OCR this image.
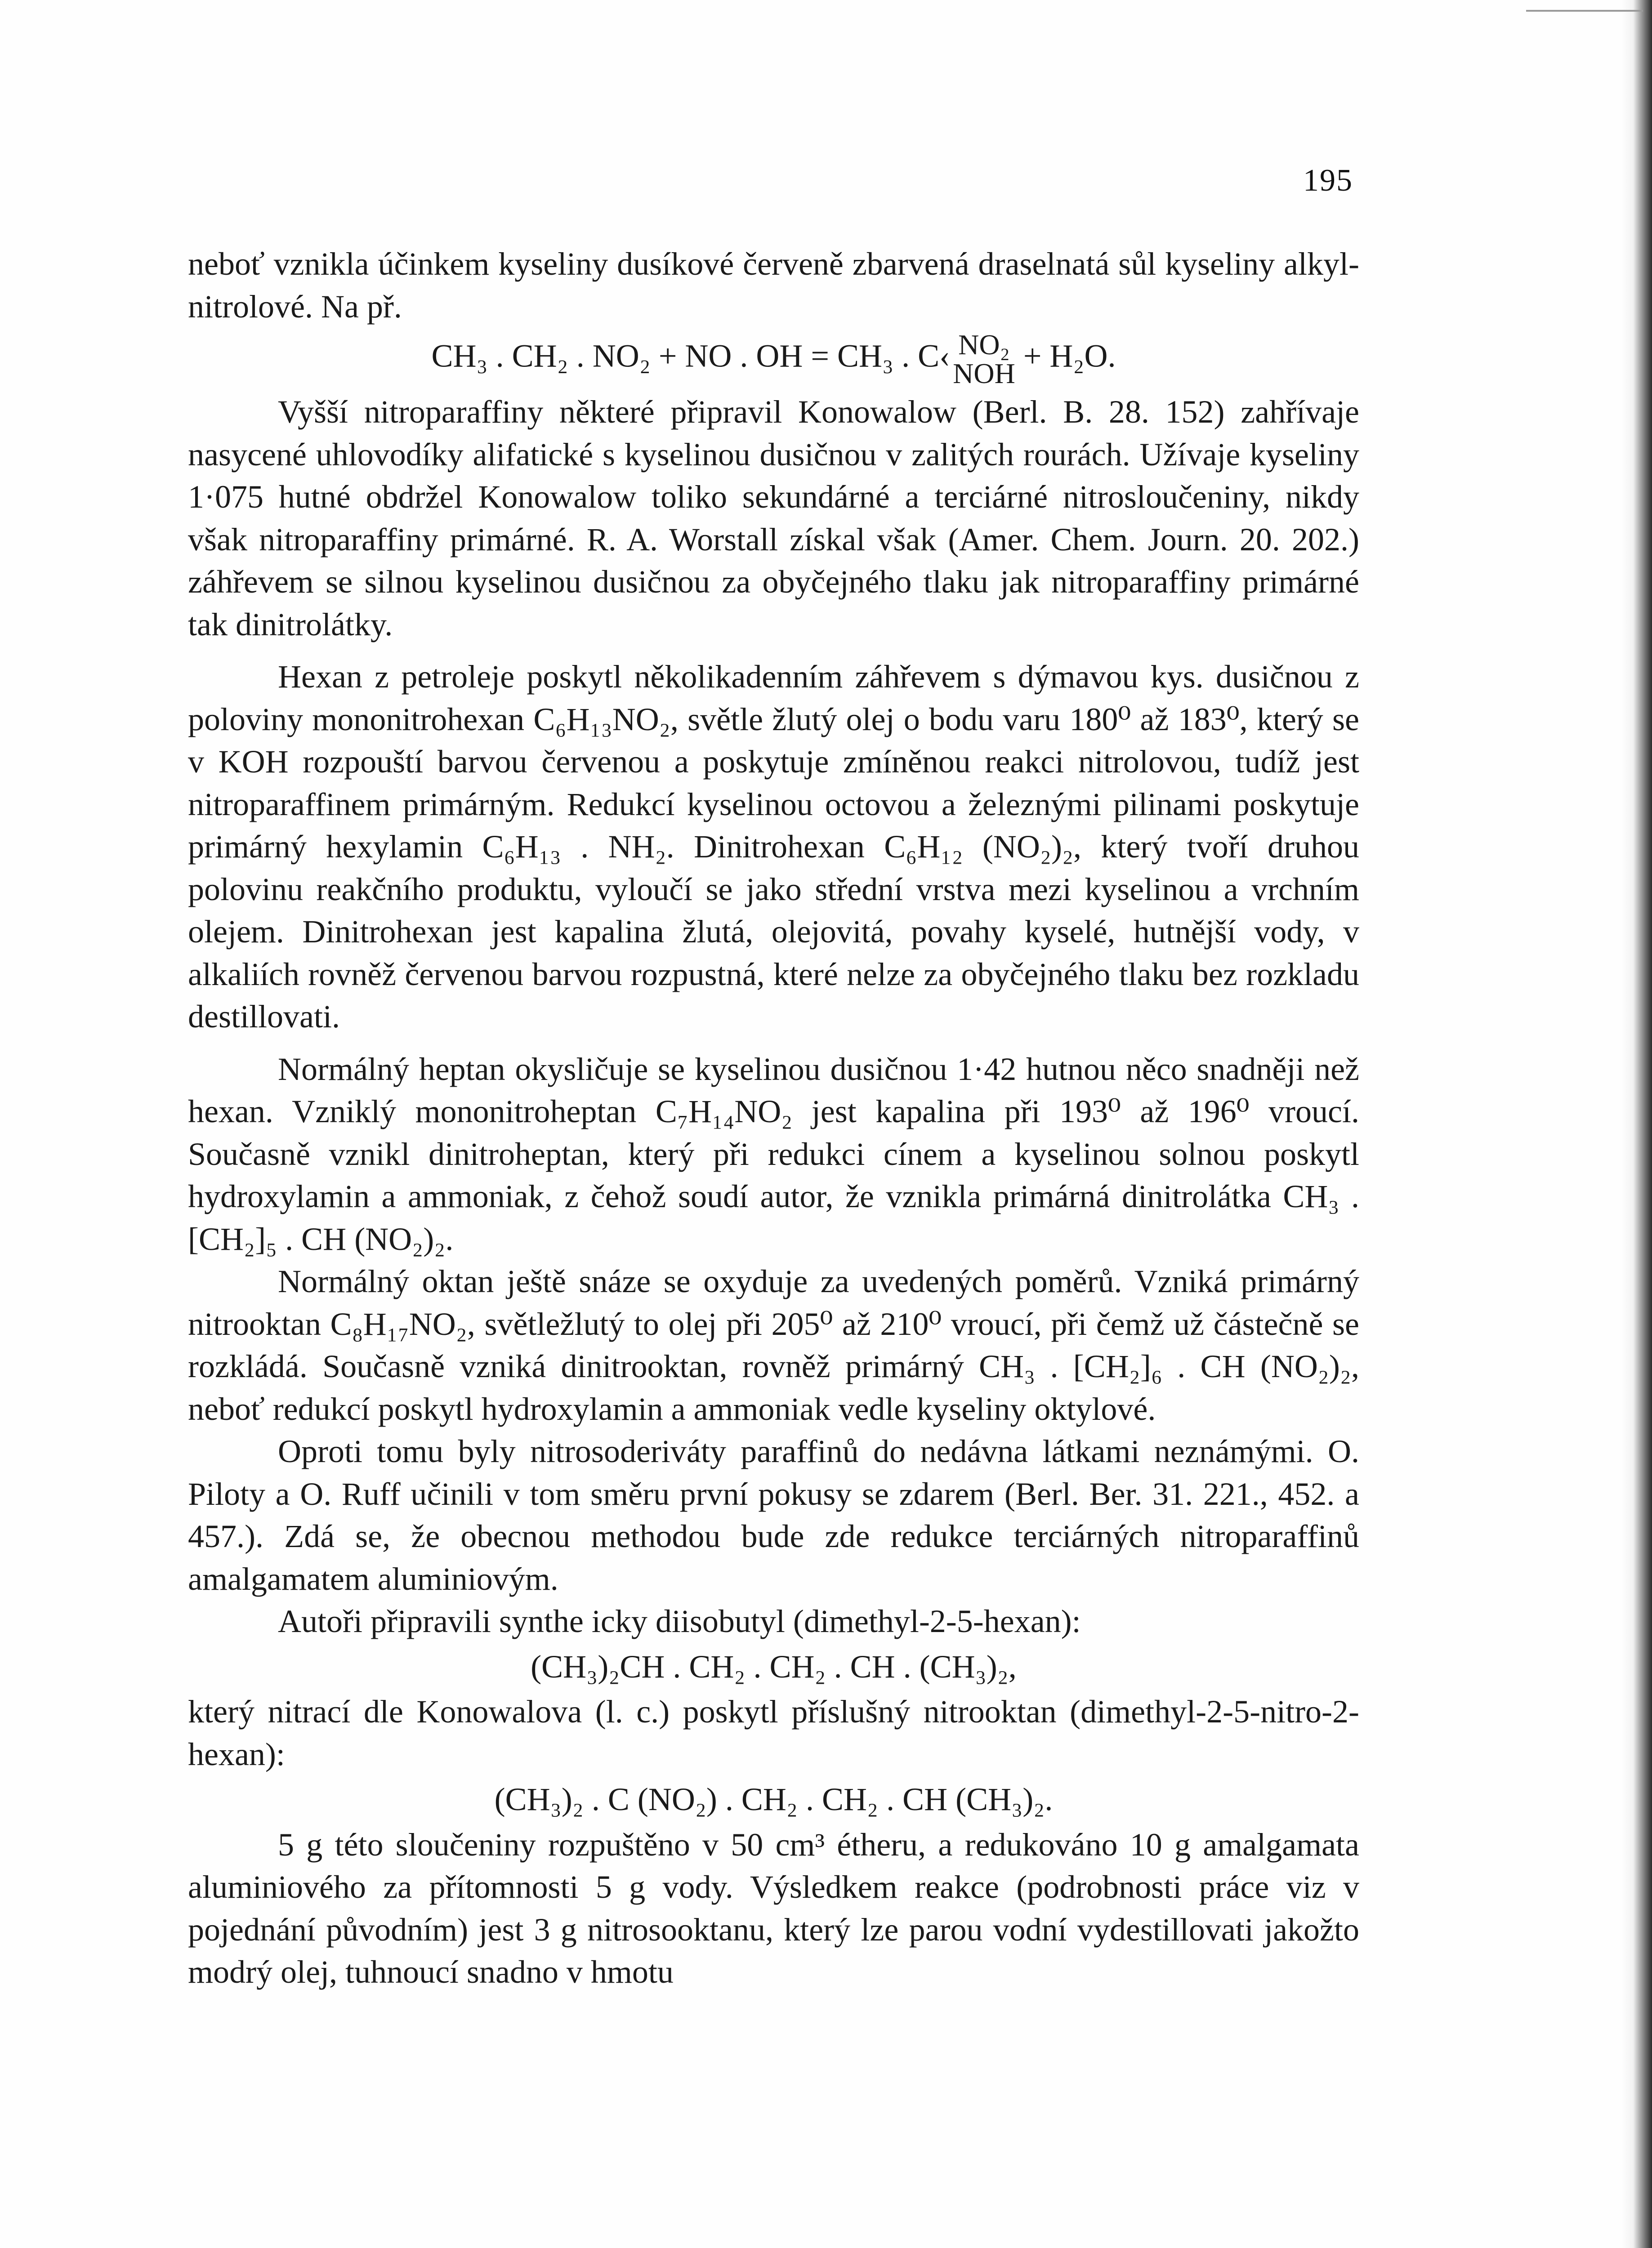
195

neboť vznikla účinkem kyseliny dusíkové červeně zbarvená draselnatá sůl kyseliny alkyl-nitrolové. Na př.

CH₃ . CH₂ . NO₂ + NO . OH = CH₃ . C‹ NO₂
NOH + H₂O.

Vyšší nitroparaffiny některé připravil Konowalow (Berl. B. 28. 152) zahřívaje nasycené uhlovodíky alifatické s kyselinou dusičnou v zalitých rourách. Užívaje kyseliny 1·075 hutné obdržel Konowalow toliko sekundárné a terciárné nitrosloučeniny, nikdy však nitroparaffiny primárné. R. A. Worstall získal však (Amer. Chem. Journ. 20. 202.) záhřevem se silnou kyselinou dusičnou za obyčejného tlaku jak nitroparaffiny primárné tak dinitrolátky.

Hexan z petroleje poskytl několikadenním záhřevem s dýmavou kys. dusičnou z poloviny mononitrohexan C₆H₁₃NO₂, světle žlutý olej o bodu varu 180⁰ až 183⁰, který se v KOH rozpouští barvou červenou a poskytuje zmíněnou reakci nitrolovou, tudíž jest nitroparaffinem primárným. Redukcí kyselinou octovou a železnými pilinami poskytuje primárný hexylamin C₆H₁₃ . NH₂. Dinitrohexan C₆H₁₂ (NO₂)₂, který tvoří druhou polovinu reakčního produktu, vyloučí se jako střední vrstva mezi kyselinou a vrchním olejem. Dinitrohexan jest kapalina žlutá, olejovitá, povahy kyselé, hutnější vody, v alkaliích rovněž červenou barvou rozpustná, které nelze za obyčejného tlaku bez rozkladu destillovati.

Normálný heptan okysličuje se kyselinou dusičnou 1·42 hutnou něco snadněji než hexan. Vzniklý mononitroheptan C₇H₁₄NO₂ jest kapalina při 193⁰ až 196⁰ vroucí. Současně vznikl dinitroheptan, který při redukci cínem a kyselinou solnou poskytl hydroxylamin a ammoniak, z čehož soudí autor, že vznikla primárná dinitrolátka CH₃ . [CH₂]₅ . CH (NO₂)₂.

Normálný oktan ještě snáze se oxyduje za uvedených poměrů. Vzniká primárný nitrooktan C₈H₁₇NO₂, světležlutý to olej při 205⁰ až 210⁰ vroucí, při čemž už částečně se rozkládá. Současně vzniká dinitrooktan, rovněž primárný CH₃ . [CH₂]₆ . CH (NO₂)₂, neboť redukcí poskytl hydroxylamin a ammoniak vedle kyseliny oktylové.

Oproti tomu byly nitrosoderiváty paraffinů do nedávna látkami neznámými. O. Piloty a O. Ruff učinili v tom směru první pokusy se zdarem (Berl. Ber. 31. 221., 452. a 457.). Zdá se, že obecnou methodou bude zde redukce terciárných nitroparaffinů amalgamatem aluminiovým.

Autoři připravili synthe icky diisobutyl (dimethyl-2-5-hexan):

(CH₃)₂CH . CH₂ . CH₂ . CH . (CH₃)₂,

který nitrací dle Konowalova (l. c.) poskytl příslušný nitrooktan (dimethyl-2-5-nitro-2-hexan):

(CH₃)₂ . C (NO₂) . CH₂ . CH₂ . CH (CH₃)₂.

5 g této sloučeniny rozpuštěno v 50 cm³ étheru, a redukováno 10 g amalgamata aluminiového za přítomnosti 5 g vody. Výsledkem reakce (podrobnosti práce viz v pojednání původním) jest 3 g nitrosooktanu, který lze parou vodní vydestillovati jakožto modrý olej, tuhnoucí snadno v hmotu
